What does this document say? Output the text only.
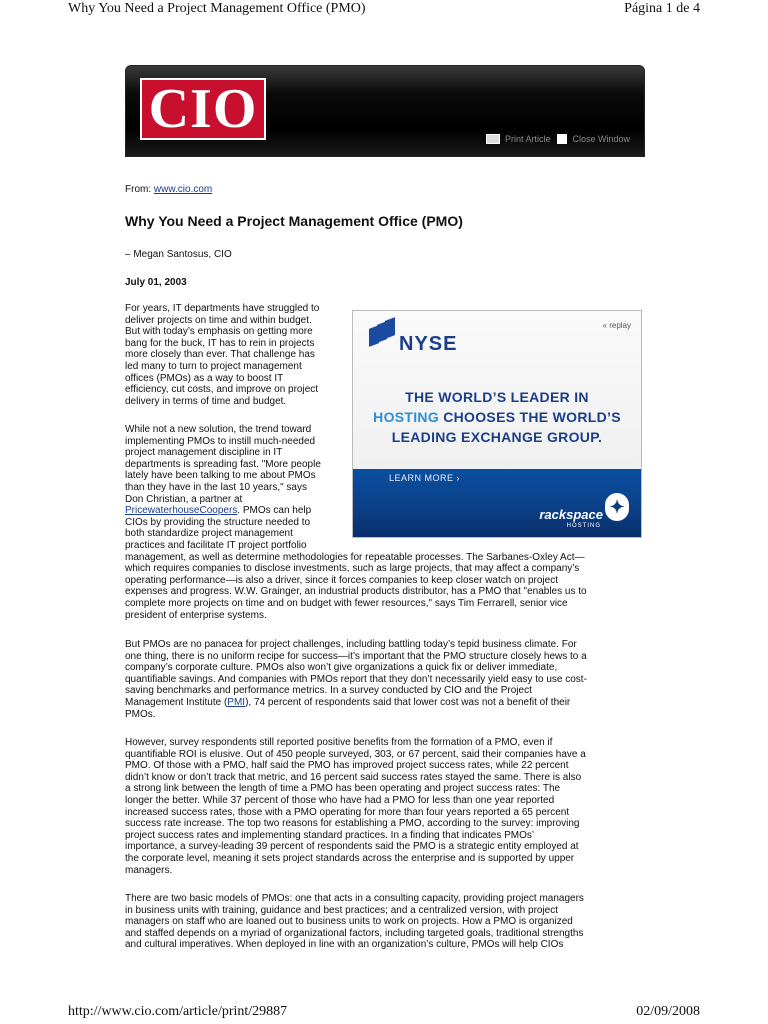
Why You Need a Project Management Office (PMO)	Página 1 de 4
CIO	Print Article Close Window
From: www.cio.com
Why You Need a Project Management Office (PMO)
– Megan Santosus, CIO
July 01, 2003

For years, IT departments have struggled to
deliver projects on time and within budget.
But with today’s emphasis on getting more
bang for the buck, IT has to rein in projects
more closely than ever. That challenge has
led many to turn to project management
offices (PMOs) as a way to boost IT
efficiency, cut costs, and improve on project
delivery in terms of time and budget.

While not a new solution, the trend toward
implementing PMOs to instill much-needed
project management discipline in IT
departments is spreading fast. "More people
lately have been talking to me about PMOs
than they have in the last 10 years," says
Don Christian, a partner at
PricewaterhouseCoopers. PMOs can help
CIOs by providing the structure needed to
both standardize project management
practices and facilitate IT project portfolio
management, as well as determine methodologies for repeatable processes. The Sarbanes-Oxley Act—
which requires companies to disclose investments, such as large projects, that may affect a company’s
operating performance—is also a driver, since it forces companies to keep closer watch on project
expenses and progress. W.W. Grainger, an industrial products distributor, has a PMO that "enables us to
complete more projects on time and on budget with fewer resources," says Tim Ferrarell, senior vice
president of enterprise systems.

But PMOs are no panacea for project challenges, including battling today’s tepid business climate. For
one thing, there is no uniform recipe for success—it’s important that the PMO structure closely hews to a
company’s corporate culture. PMOs also won’t give organizations a quick fix or deliver immediate,
quantifiable savings. And companies with PMOs report that they don’t necessarily yield easy to use cost-
saving benchmarks and performance metrics. In a survey conducted by CIO and the Project
Management Institute (PMI), 74 percent of respondents said that lower cost was not a benefit of their
PMOs.

However, survey respondents still reported positive benefits from the formation of a PMO, even if
quantifiable ROI is elusive. Out of 450 people surveyed, 303, or 67 percent, said their companies have a
PMO. Of those with a PMO, half said the PMO has improved project success rates, while 22 percent
didn’t know or don’t track that metric, and 16 percent said success rates stayed the same. There is also
a strong link between the length of time a PMO has been operating and project success rates: The
longer the better. While 37 percent of those who have had a PMO for less than one year reported
increased success rates, those with a PMO operating for more than four years reported a 65 percent
success rate increase. The top two reasons for establishing a PMO, according to the survey: improving
project success rates and implementing standard practices. In a finding that indicates PMOs’
importance, a survey-leading 39 percent of respondents said the PMO is a strategic entity employed at
the corporate level, meaning it sets project standards across the enterprise and is supported by upper
managers.

There are two basic models of PMOs: one that acts in a consulting capacity, providing project managers
in business units with training, guidance and best practices; and a centralized version, with project
managers on staff who are loaned out to business units to work on projects. How a PMO is organized
and staffed depends on a myriad of organizational factors, including targeted goals, traditional strengths
and cultural imperatives. When deployed in line with an organization’s culture, PMOs will help CIOs

NYSE
« replay
THE WORLD’S LEADER IN
HOSTING CHOOSES THE WORLD’S
LEADING EXCHANGE GROUP.
LEARN MORE ›
rackspace
HOSTING
✦
http://www.cio.com/article/print/29887	02/09/2008
